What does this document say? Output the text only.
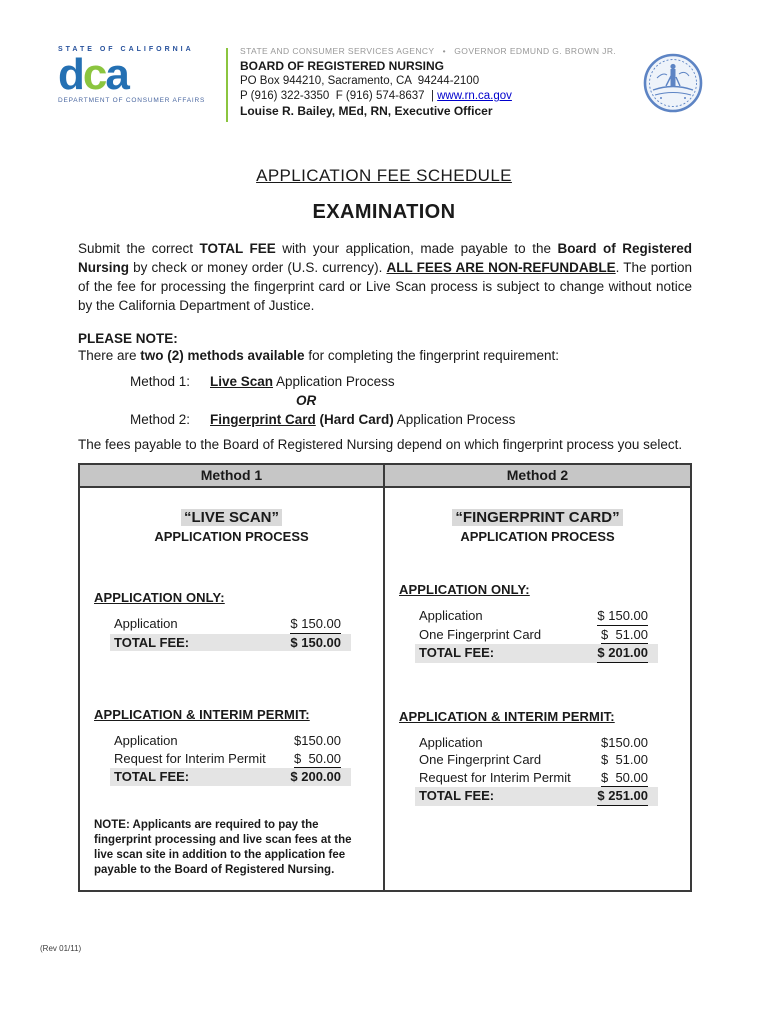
STATE OF CALIFORNIA
dca
DEPARTMENT OF CONSUMER AFFAIRS
STATE AND CONSUMER SERVICES AGENCY   •   GOVERNOR EDMUND G. BROWN JR.
BOARD OF REGISTERED NURSING
PO Box 944210, Sacramento, CA  94244-2100
P (916) 322-3350  F (916) 574-8637  | www.rn.ca.gov
Louise R. Bailey, MEd, RN, Executive Officer
APPLICATION FEE SCHEDULE
EXAMINATION
Submit the correct TOTAL FEE with your application, made payable to the Board of Registered Nursing by check or money order (U.S. currency). ALL FEES ARE NON-REFUNDABLE. The portion of the fee for processing the fingerprint card or Live Scan process is subject to change without notice by the California Department of Justice.
PLEASE NOTE:
There are two (2) methods available for completing the fingerprint requirement:
Method 1:	Live Scan Application Process
OR
Method 2:	Fingerprint Card (Hard Card) Application Process
The fees payable to the Board of Registered Nursing depend on which fingerprint process you select.
Method 1	Method 2
“LIVE SCAN”
APPLICATION PROCESS
APPLICATION ONLY:
Application	$ 150.00
TOTAL FEE:	$ 150.00
APPLICATION & INTERIM PERMIT:
Application	$150.00
Request for Interim Permit $  50.00
TOTAL FEE:	$ 200.00
NOTE: Applicants are required to pay the fingerprint processing and live scan fees at the live scan site in addition to the application fee payable to the Board of Registered Nursing.
“FINGERPRINT CARD”
APPLICATION PROCESS
APPLICATION ONLY:
Application	$ 150.00
One Fingerprint Card	$  51.00
TOTAL FEE:	$ 201.00
APPLICATION & INTERIM PERMIT:
Application	$150.00
One Fingerprint Card	$  51.00
Request for Interim Permit $  50.00
TOTAL FEE:	$ 251.00
(Rev 01/11)
